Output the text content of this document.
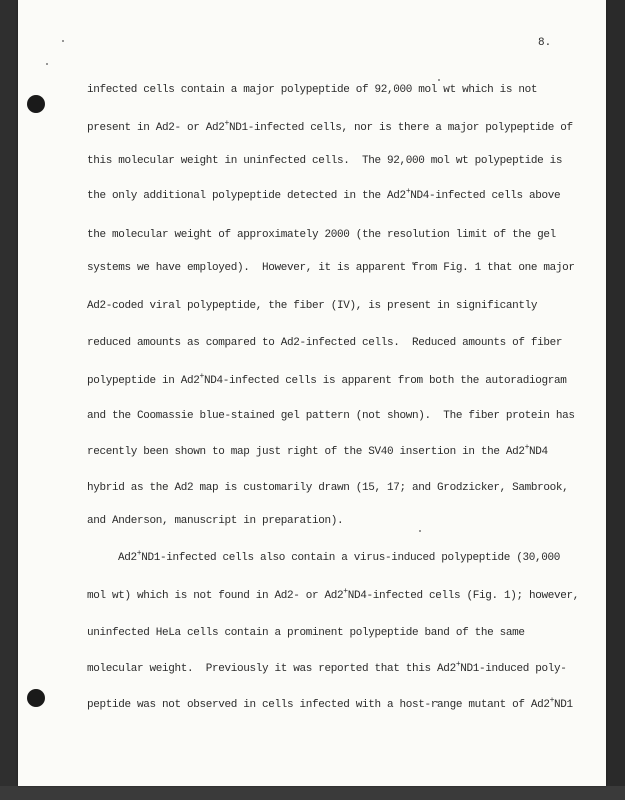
8.
infected cells contain a major polypeptide of 92,000 mol wt which is not
present in Ad2- or Ad2+ND1-infected cells, nor is there a major polypeptide of
this molecular weight in uninfected cells.  The 92,000 mol wt polypeptide is
the only additional polypeptide detected in the Ad2+ND4-infected cells above
the molecular weight of approximately 2000 (the resolution limit of the gel
systems we have employed).  However, it is apparent from Fig. 1 that one major
Ad2-coded viral polypeptide, the fiber (IV), is present in significantly
reduced amounts as compared to Ad2-infected cells.  Reduced amounts of fiber
polypeptide in Ad2+ND4-infected cells is apparent from both the autoradiogram
and the Coomassie blue-stained gel pattern (not shown).  The fiber protein has
recently been shown to map just right of the SV40 insertion in the Ad2+ND4
hybrid as the Ad2 map is customarily drawn (15, 17; and Grodzicker, Sambrook,
and Anderson, manuscript in preparation).
Ad2+ND1-infected cells also contain a virus-induced polypeptide (30,000
mol wt) which is not found in Ad2- or Ad2+ND4-infected cells (Fig. 1); however,
uninfected HeLa cells contain a prominent polypeptide band of the same
molecular weight.  Previously it was reported that this Ad2+ND1-induced poly-
peptide was not observed in cells infected with a host-range mutant of Ad2+ND1
